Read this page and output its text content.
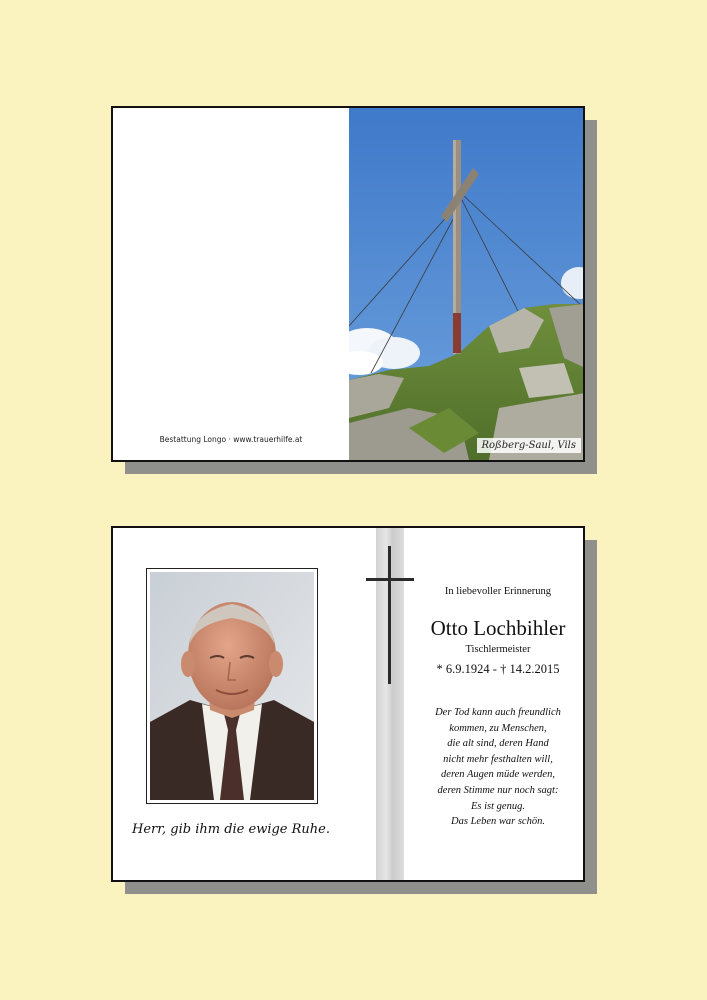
Bestattung Longo · www.trauerhilfe.at
Roßberg-Saul, Vils
Herr, gib ihm die ewige Ruhe.
In liebevoller Erinnerung
Otto Lochbihler
Tischlermeister
* 6.9.1924 - † 14.2.2015
Der Tod kann auch freundlich
kommen, zu Menschen,
die alt sind, deren Hand
nicht mehr festhalten will,
deren Augen müde werden,
deren Stimme nur noch sagt:
Es ist genug.
Das Leben war schön.
